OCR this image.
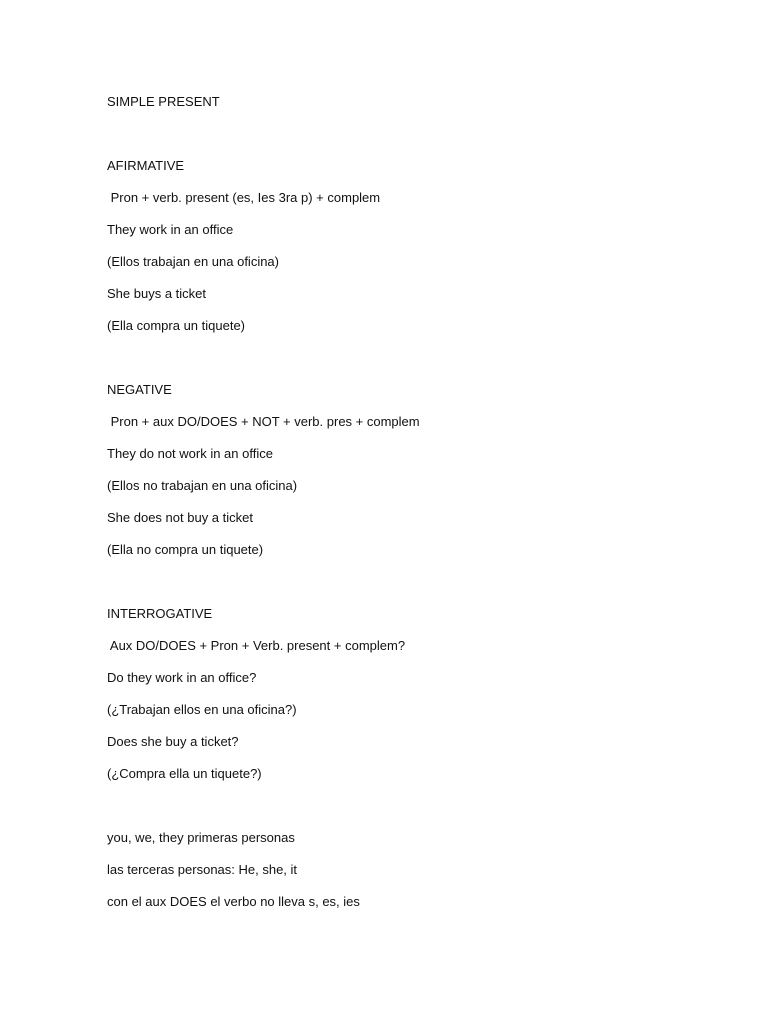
SIMPLE PRESENT
AFIRMATIVE
Pron + verb. present (es, Ies 3ra p) + complem
They work in an office
(Ellos trabajan en una oficina)
She buys a ticket
(Ella compra un tiquete)
NEGATIVE
Pron + aux DO/DOES + NOT + verb. pres + complem
They do not work in an office
(Ellos no trabajan en una oficina)
She does not buy a ticket
(Ella no compra un tiquete)
INTERROGATIVE
Aux DO/DOES + Pron + Verb. present + complem?
Do they work in an office?
(¿Trabajan ellos en una oficina?)
Does she buy a ticket?
(¿Compra ella un tiquete?)
you, we, they primeras personas
las terceras personas: He, she, it
con el aux DOES el verbo no lleva s, es, ies
